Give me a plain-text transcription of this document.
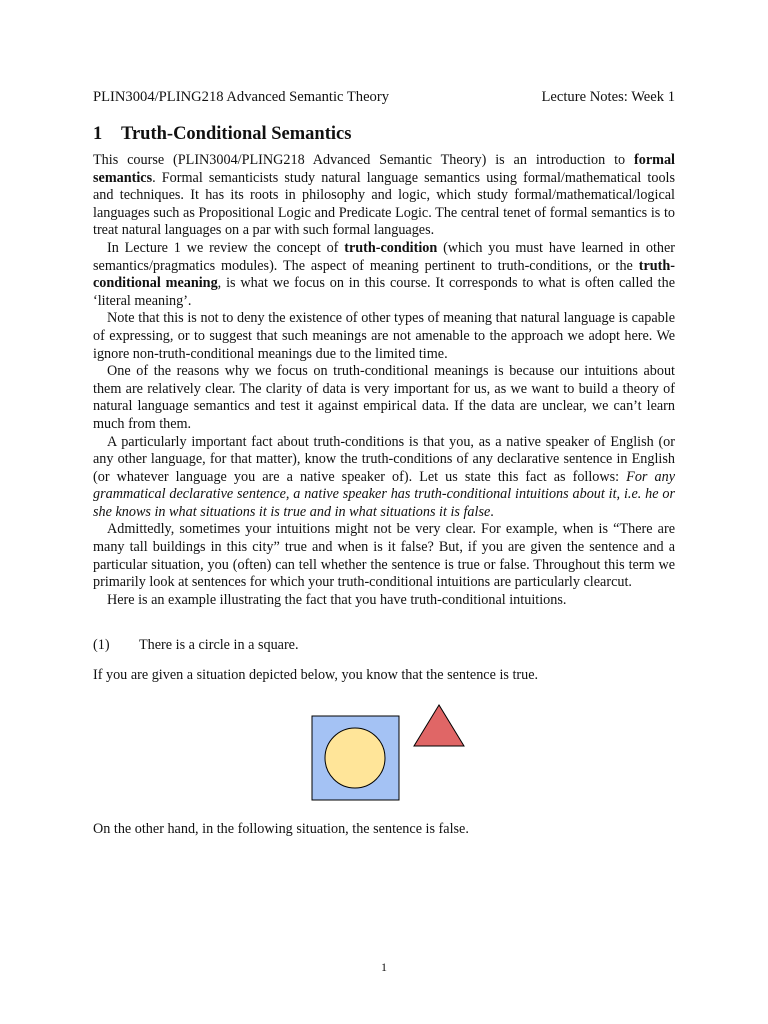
PLIN3004/PLING218 Advanced Semantic Theory	Lecture Notes: Week 1
1 Truth-Conditional Semantics

This course (PLIN3004/PLING218 Advanced Semantic Theory) is an introduction to formal semantics. Formal semanticists study natural language semantics using formal/mathematical tools and techniques. It has its roots in philosophy and logic, which study formal/mathematical/logical languages such as Propositional Logic and Predicate Logic. The central tenet of formal semantics is to treat natural languages on a par with such formal languages.

In Lecture 1 we review the concept of truth-condition (which you must have learned in other semantics/pragmatics modules). The aspect of meaning pertinent to truth-conditions, or the truth-conditional meaning, is what we focus on in this course. It corresponds to what is often called the ‘literal meaning’.

Note that this is not to deny the existence of other types of meaning that natural language is capable of expressing, or to suggest that such meanings are not amenable to the approach we adopt here. We ignore non-truth-conditional meanings due to the limited time.

One of the reasons why we focus on truth-conditional meanings is because our intuitions about them are relatively clear. The clarity of data is very important for us, as we want to build a theory of natural language semantics and test it against empirical data. If the data are unclear, we can’t learn much from them.

A particularly important fact about truth-conditions is that you, as a native speaker of English (or any other language, for that matter), know the truth-conditions of any declarative sentence in English (or whatever language you are a native speaker of). Let us state this fact as follows: For any grammatical declarative sentence, a native speaker has truth-conditional intuitions about it, i.e. he or she knows in what situations it is true and in what situations it is false.

Admittedly, sometimes your intuitions might not be very clear. For example, when is “There are many tall buildings in this city” true and when is it false? But, if you are given the sentence and a particular situation, you (often) can tell whether the sentence is true or false. Throughout this term we primarily look at sentences for which your truth-conditional intuitions are particularly clearcut.

Here is an example illustrating the fact that you have truth-conditional intuitions.

(1) There is a circle in a square.
If you are given a situation depicted below, you know that the sentence is true.
On the other hand, in the following situation, the sentence is false.
1
